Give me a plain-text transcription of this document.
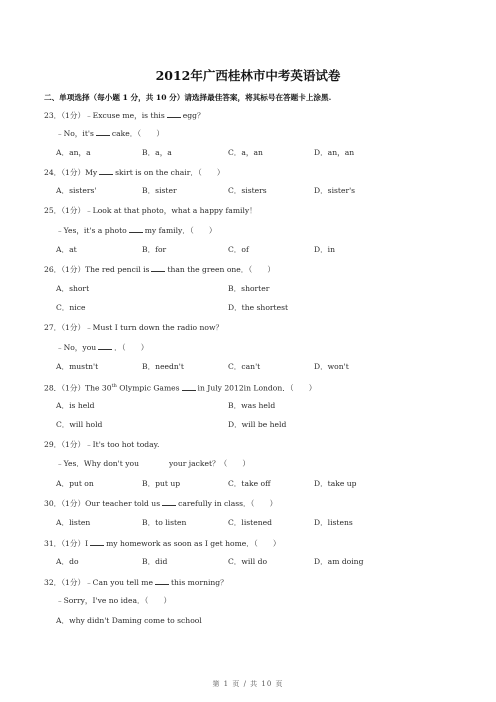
2012年广西桂林市中考英语试卷
二、单项选择（每小题 1 分，共 10 分）请选择最佳答案，将其标号在答题卡上涂黑.
23．（1分）﹣Excuse me，is this egg？
﹣No，it's cake．（　　）
A．an，a	B．a，a	C．a，an	D．an，an
24．（1分）My skirt is on the chair．（　　）
A．sisters'	B．sister	C．sisters	D．sister's
25．（1分）﹣Look at that photo，what a happy family！
﹣Yes，it's a photo my family．（　　）
A．at	B．for	C．of	D．in
26．（1分）The red pencil is than the green one．（　　）
A．short	B．shorter
C．nice	D．the shortest
27．（1分）﹣Must I turn down the radio now？
﹣No，you ．（　　）
A．mustn't	B．needn't	C．can't	D．won't
28．（1分）The 30th Olympic Games in July 2012in London．（　　）
A．is held	B．was held
C．will hold	D．will be held
29．（1分）﹣It's too hot today.
﹣Yes．Why don't you	your jacket？（　　）
A．put on	B．put up	C．take off	D．take up
30．（1分）Our teacher told us carefully in class．（　　）
A．listen	B．to listen	C．listened	D．listens
31．（1分）I my homework as soon as I get home．（　　）
A．do	B．did	C．will do	D．am doing
32．（1分）﹣Can you tell me this morning？
﹣Sorry，I've no idea．（　　）
A．why didn't Daming come to school
第 1 页 / 共 10 页
